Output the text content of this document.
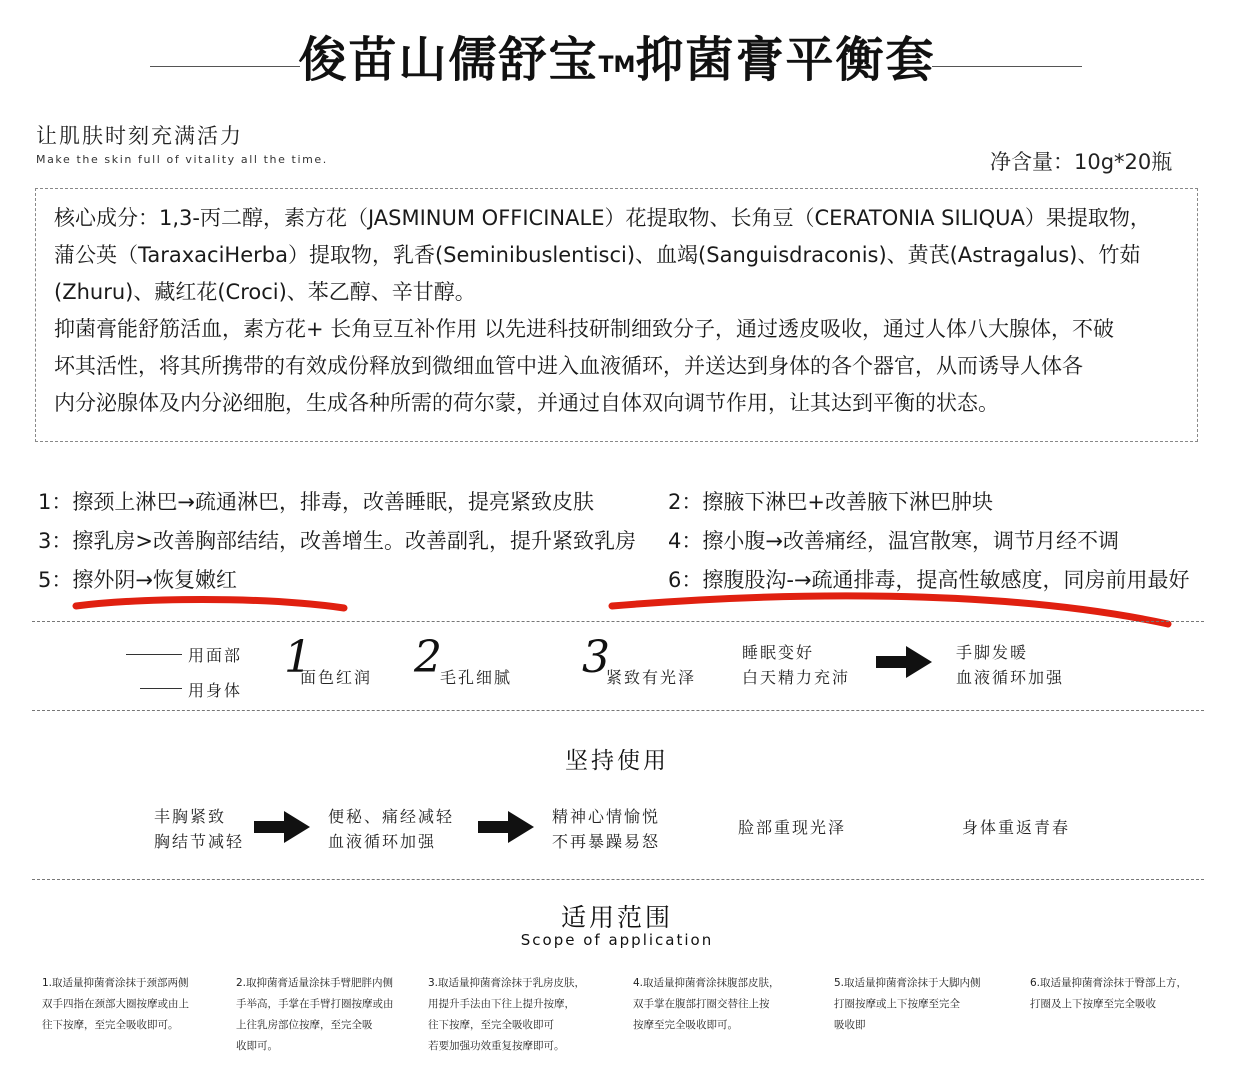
俊苗山儒舒宝™抑菌膏平衡套
让肌肤时刻充满活力
Make the skin full of vitality all the time.	净含量：10g*20瓶
核心成分：1,3-丙二醇，素方花（JASMINUM OFFICINALE）花提取物、长角豆（CERATONIA SILIQUA）果提取物，
蒲公英（TaraxaciHerba）提取物，乳香(Seminibuslentisci)、血竭(Sanguisdraconis)、黄芪(Astragalus)、竹茹
(Zhuru)、藏红花(Croci)、苯乙醇、辛甘醇。
抑菌膏能舒筋活血，素方花+ 长角豆互补作用 以先进科技研制细致分子，通过透皮吸收，通过人体八大腺体，不破
坏其活性，将其所携带的有效成份释放到微细血管中进入血液循环，并送达到身体的各个器官，从而诱导人体各
内分泌腺体及内分泌细胞，生成各种所需的荷尔蒙，并通过自体双向调节作用，让其达到平衡的状态。
1：擦颈上淋巴→疏通淋巴，排毒，改善睡眠，提亮紧致皮肤	2：擦腋下淋巴+改善腋下淋巴肿块
3：擦乳房>改善胸部结结，改善增生。改善副乳，提升紧致乳房 4：擦小腹→改善痛经，温宫散寒，调节月经不调
5：擦外阴→恢复嫩红	6：擦腹股沟-→疏通排毒，提高性敏感度，同房前用最好
用面部
用身体
1
面色红润 2
毛孔细腻 3
紧致有光泽
睡眠变好
白天精力充沛
手脚发暖
血液循环加强
坚持使用
丰胸紧致
胸结节减轻
便秘、痛经减轻
血液循环加强
精神心情愉悦
不再暴躁易怒
脸部重现光泽	身体重返青春
适用范围
Scope of application
1.取适量抑菌膏涂抹于颈部两侧
双手四指在颈部大圈按摩或由上
往下按摩，至完全吸收即可。
2.取抑菌膏适量涂抹手臂肥胖内侧
手举高，手掌在手臂打圈按摩或由
上往乳房部位按摩，至完全吸
收即可。
3.取适量抑菌膏涂抹于乳房皮肤，
用提升手法由下往上提升按摩，
往下按摩，至完全吸收即可
若要加强功效重复按摩即可。
4.取适量抑菌膏涂抹腹部皮肤，
双手掌在腹部打圈交替往上按
按摩至完全吸收即可。
5.取适量抑菌膏涂抹于大脚内侧
打圈按摩或上下按摩至完全
吸收即
6.取适量抑菌膏涂抹于臀部上方，
打圈及上下按摩至完全吸收
